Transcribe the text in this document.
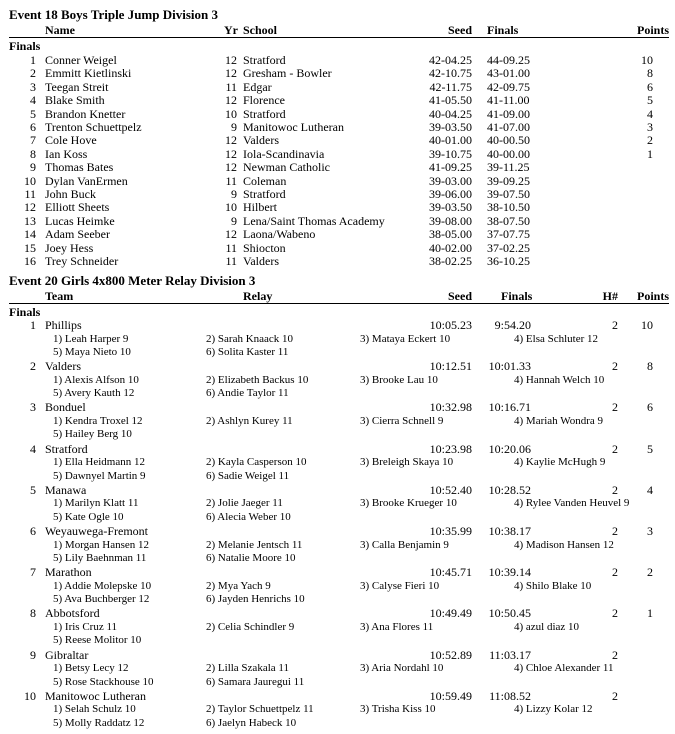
Event 18 Boys Triple Jump Division 3
Name	Yr School	Seed Finals	Points
Finals
1 Conner Weigel	12 Stratford	42-04.25 44-09.25	10
2 Emmitt Kietlinski	12 Gresham - Bowler	42-10.75 43-01.00	8
3 Teegan Streit	11 Edgar	42-11.75 42-09.75	6
4 Blake Smith	12 Florence	41-05.50 41-11.00	5
5 Brandon Knetter	10 Stratford	40-04.25 41-09.00	4
6 Trenton Schuettpelz	9 Manitowoc Lutheran	39-03.50 41-07.00	3
7 Cole Hove	12 Valders	40-01.00 40-00.50	2
8 Ian Koss	12 Iola-Scandinavia	39-10.75 40-00.00	1
9 Thomas Bates	12 Newman Catholic	41-09.25 39-11.25
10 Dylan VanErmen	11 Coleman	39-03.00 39-09.25
11 John Buck	9 Stratford	39-06.00 39-07.50
12 Elliott Sheets	10 Hilbert	39-03.50 38-10.50
13 Lucas Heimke	9 Lena/Saint Thomas Academy	39-08.00 38-07.50
14 Adam Seeber	12 Laona/Wabeno	38-05.00 37-07.75
15 Joey Hess	11 Shiocton	40-02.00 37-02.25
16 Trey Schneider	11 Valders	38-02.25 36-10.25
Event 20 Girls 4x800 Meter Relay Division 3
Team	Relay	Seed Finals	H#	Points
Finals
1 Phillips	10:05.23	9:54.20	2	10
1) Leah Harper 9	2) Sarah Knaack 10	3) Mataya Eckert 10	4) Elsa Schluter 12
5) Maya Nieto 10	6) Solita Kaster 11
2 Valders	10:12.51	10:01.33	2	8
1) Alexis Alfson 10	2) Elizabeth Backus 10	3) Brooke Lau 10	4) Hannah Welch 10
5) Avery Kauth 12	6) Andie Taylor 11
3 Bonduel	10:32.98	10:16.71	2	6
1) Kendra Troxel 12	2) Ashlyn Kurey 11	3) Cierra Schnell 9	4) Mariah Wondra 9
5) Hailey Berg 10
4 Stratford	10:23.98	10:20.06	2	5
1) Ella Heidmann 12	2) Kayla Casperson 10	3) Breleigh Skaya 10	4) Kaylie McHugh 9
5) Dawnyel Martin 9	6) Sadie Weigel 11
5 Manawa	10:52.40	10:28.52	2	4
1) Marilyn Klatt 11	2) Jolie Jaeger 11	3) Brooke Krueger 10	4) Rylee Vanden Heuvel 9
5) Kate Ogle 10	6) Alecia Weber 10
6 Weyauwega-Fremont	10:35.99	10:38.17	2	3
1) Morgan Hansen 12	2) Melanie Jentsch 11	3) Calla Benjamin 9	4) Madison Hansen 12
5) Lily Baehnman 11	6) Natalie Moore 10
7 Marathon	10:45.71	10:39.14	2	2
1) Addie Molepske 10	2) Mya Yach 9	3) Calyse Fieri 10	4) Shilo Blake 10
5) Ava Buchberger 12	6) Jayden Henrichs 10
8 Abbotsford	10:49.49	10:50.45	2	1
1) Iris Cruz 11	2) Celia Schindler 9	3) Ana Flores 11	4) azul diaz 10
5) Reese Molitor 10
9 Gibraltar	10:52.89	11:03.17	2
1) Betsy Lecy 12	2) Lilla Szakala 11	3) Aria Nordahl 10	4) Chloe Alexander 11
5) Rose Stackhouse 10	6) Samara Jauregui 11
10 Manitowoc Lutheran	10:59.49	11:08.52	2
1) Selah Schulz 10	2) Taylor Schuettpelz 11	3) Trisha Kiss 10	4) Lizzy Kolar 12
5) Molly Raddatz 12	6) Jaelyn Habeck 10
